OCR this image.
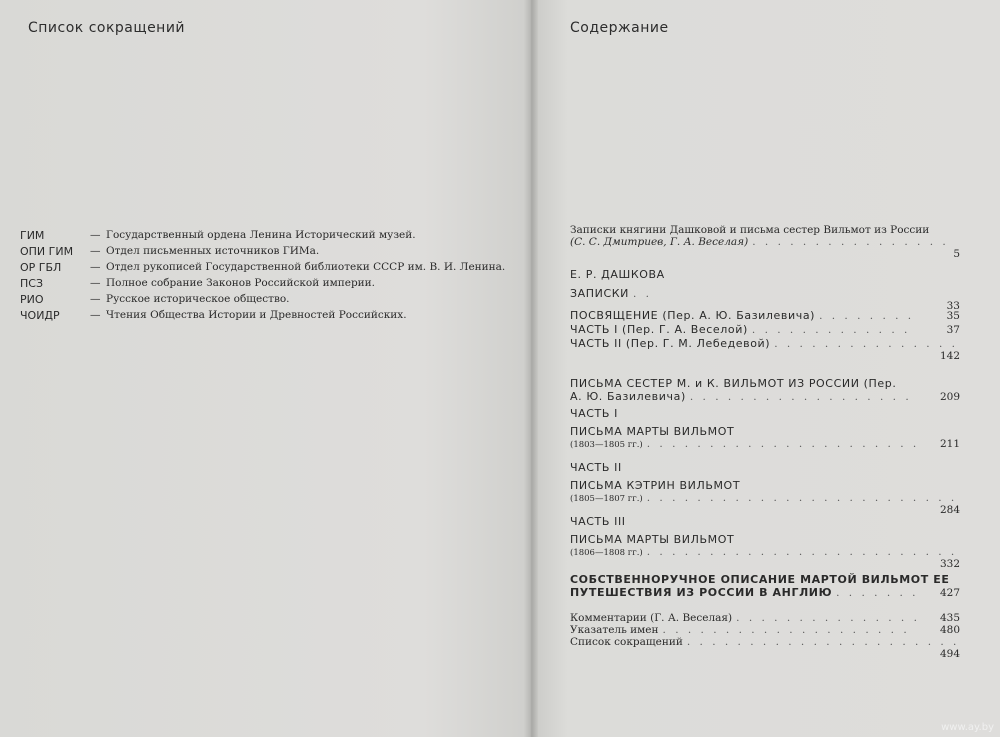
Список сокращений
ГИМ	— Государственный ордена Ленина Исторический музей.
ОПИ ГИМ	— Отдел письменных источников ГИМа.
ОР ГБЛ	— Отдел рукописей Государственной библиотеки СССР им. В. И. Ленина.
ПСЗ	— Полное собрание Законов Российской империи.
РИО	— Русское историческое общество.
ЧОИДР	— Чтения Общества Истории и Древностей Российских.
Содержание
Записки княгини Дашковой и письма сестер Вильмот из России
(С. С. Дмитриев, Г. А. Веселая)
. . .
5
Е. Р. ДАШКОВА
ЗАПИСКИ
. . .
33
ПОСВЯЩЕНИЕ (Пер. А. Ю. Базилевича) . . .	35
ЧАСТЬ I (Пер. Г. А. Веселой) . . .	37
ЧАСТЬ II (Пер. Г. М. Лебедевой)
. . .
142
ПИСЬМА СЕСТЕР М. и К. ВИЛЬМОТ ИЗ РОССИИ (Пер.
А. Ю. Базилевича) . . .	209
ЧАСТЬ I
ПИСЬМА МАРТЫ ВИЛЬМОТ
(1803—1805 гг.) . . .	211
ЧАСТЬ II
ПИСЬМА КЭТРИН ВИЛЬМОТ
(1805—1807 гг.)
. . .
284
ЧАСТЬ III
ПИСЬМА МАРТЫ ВИЛЬМОТ
(1806—1808 гг.)
. . .
332
СОБСТВЕННОРУЧНОЕ ОПИСАНИЕ МАРТОЙ ВИЛЬМОТ ЕЕ
ПУТЕШЕСТВИЯ ИЗ РОССИИ В АНГЛИЮ . . .	427
Комментарии (Г. А. Веселая) . . .	435
Указатель имен . . .	480
Список сокращений
. . .
494
www.ay.by
